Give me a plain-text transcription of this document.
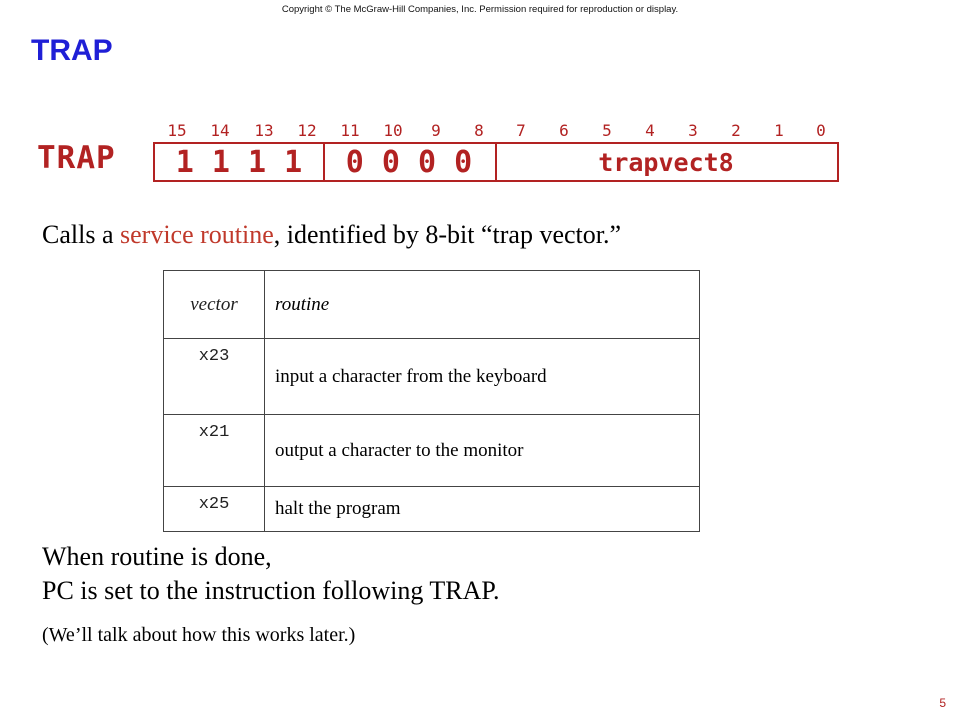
Copyright © The McGraw-Hill Companies, Inc. Permission required for reproduction or display.
TRAP
15 14 13 12 11 10 9 8 7 6 5 4 3 2 1 0
TRAP	1 1 1 1	0 0 0 0	trapvect8

Calls a service routine, identified by 8-bit “trap vector.”

vector	routine
x23	input a character from the keyboard
x21	output a character to the monitor
x25	halt the program

When routine is done,
PC is set to the instruction following TRAP.

(We’ll talk about how this works later.)

5
